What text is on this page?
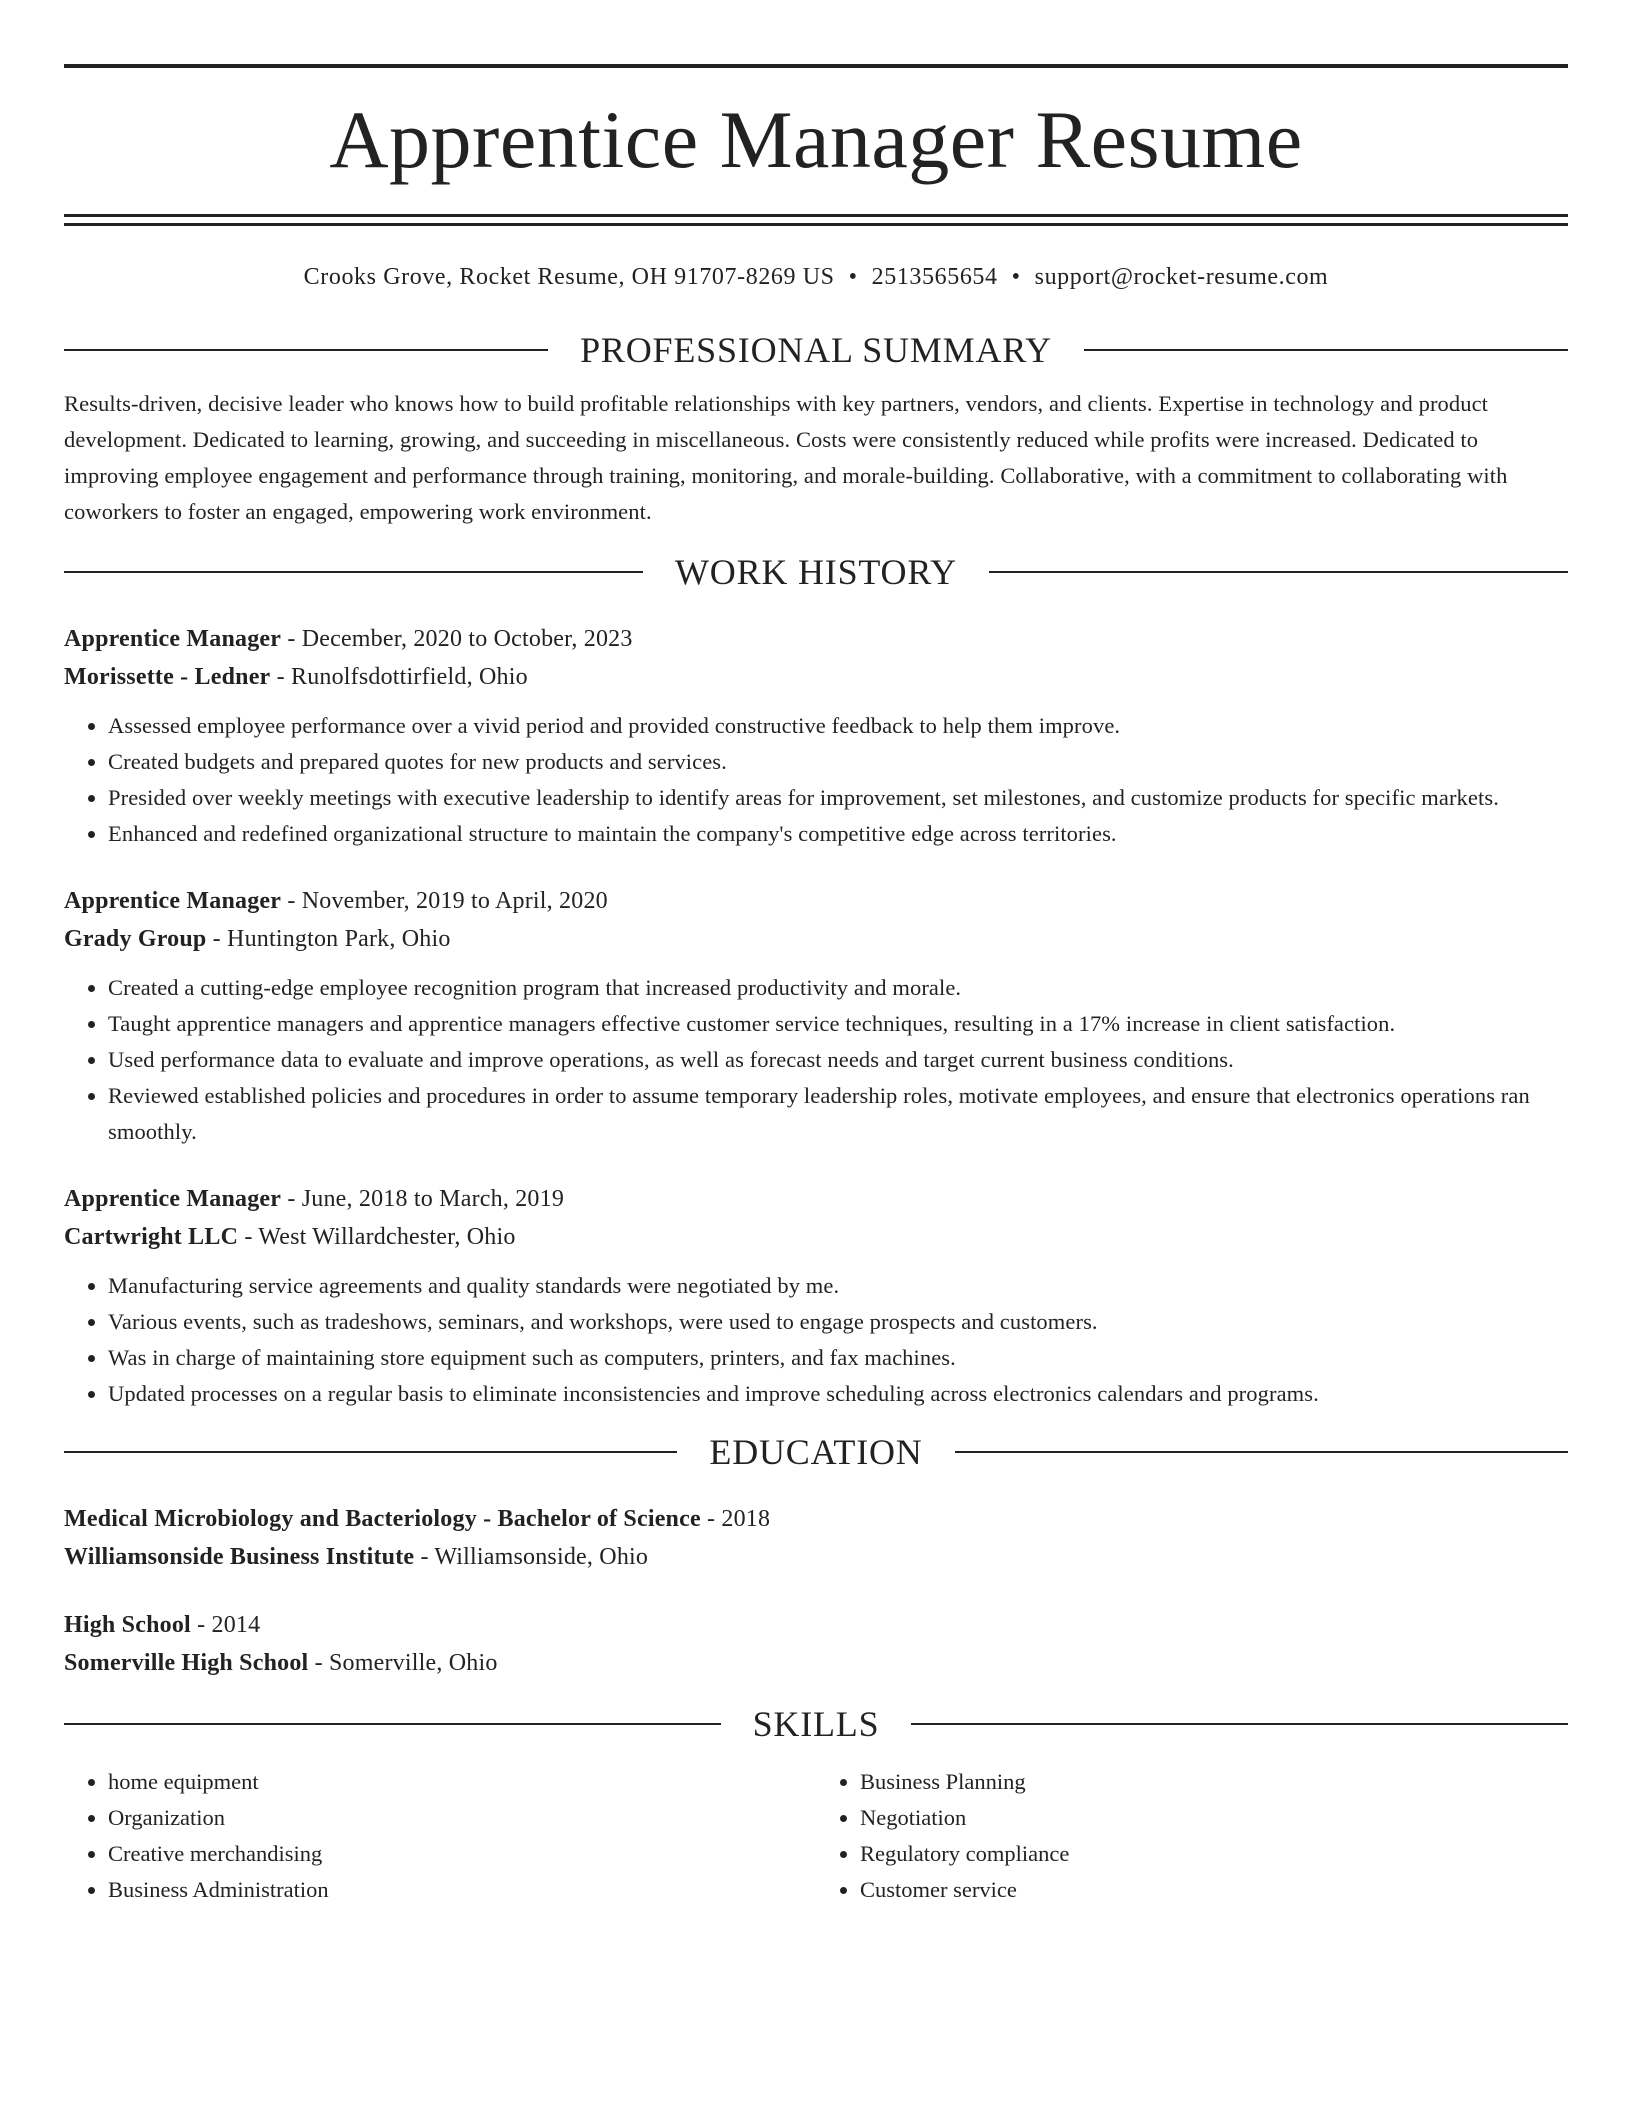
Apprentice Manager Resume
Crooks Grove, Rocket Resume, OH 91707-8269 US • 2513565654 • support@rocket-resume.com
PROFESSIONAL SUMMARY
Results-driven, decisive leader who knows how to build profitable relationships with key partners, vendors, and clients. Expertise in technology and product development. Dedicated to learning, growing, and succeeding in miscellaneous. Costs were consistently reduced while profits were increased. Dedicated to improving employee engagement and performance through training, monitoring, and morale-building. Collaborative, with a commitment to collaborating with coworkers to foster an engaged, empowering work environment.
WORK HISTORY
Apprentice Manager - December, 2020 to October, 2023
Morissette - Ledner - Runolfsdottirfield, Ohio
• Assessed employee performance over a vivid period and provided constructive feedback to help them improve.
• Created budgets and prepared quotes for new products and services.
• Presided over weekly meetings with executive leadership to identify areas for improvement, set milestones, and customize products for specific markets.
• Enhanced and redefined organizational structure to maintain the company's competitive edge across territories.
Apprentice Manager - November, 2019 to April, 2020
Grady Group - Huntington Park, Ohio
• Created a cutting-edge employee recognition program that increased productivity and morale.
• Taught apprentice managers and apprentice managers effective customer service techniques, resulting in a 17% increase in client satisfaction.
• Used performance data to evaluate and improve operations, as well as forecast needs and target current business conditions.
• Reviewed established policies and procedures in order to assume temporary leadership roles, motivate employees, and ensure that electronics operations ran smoothly.
Apprentice Manager - June, 2018 to March, 2019
Cartwright LLC - West Willardchester, Ohio
• Manufacturing service agreements and quality standards were negotiated by me.
• Various events, such as tradeshows, seminars, and workshops, were used to engage prospects and customers.
• Was in charge of maintaining store equipment such as computers, printers, and fax machines.
• Updated processes on a regular basis to eliminate inconsistencies and improve scheduling across electronics calendars and programs.
EDUCATION
Medical Microbiology and Bacteriology - Bachelor of Science - 2018
Williamsonside Business Institute - Williamsonside, Ohio
High School - 2014
Somerville High School - Somerville, Ohio
SKILLS
• home equipment
• Organization
• Creative merchandising
• Business Administration
• Business Planning
• Negotiation
• Regulatory compliance
• Customer service
